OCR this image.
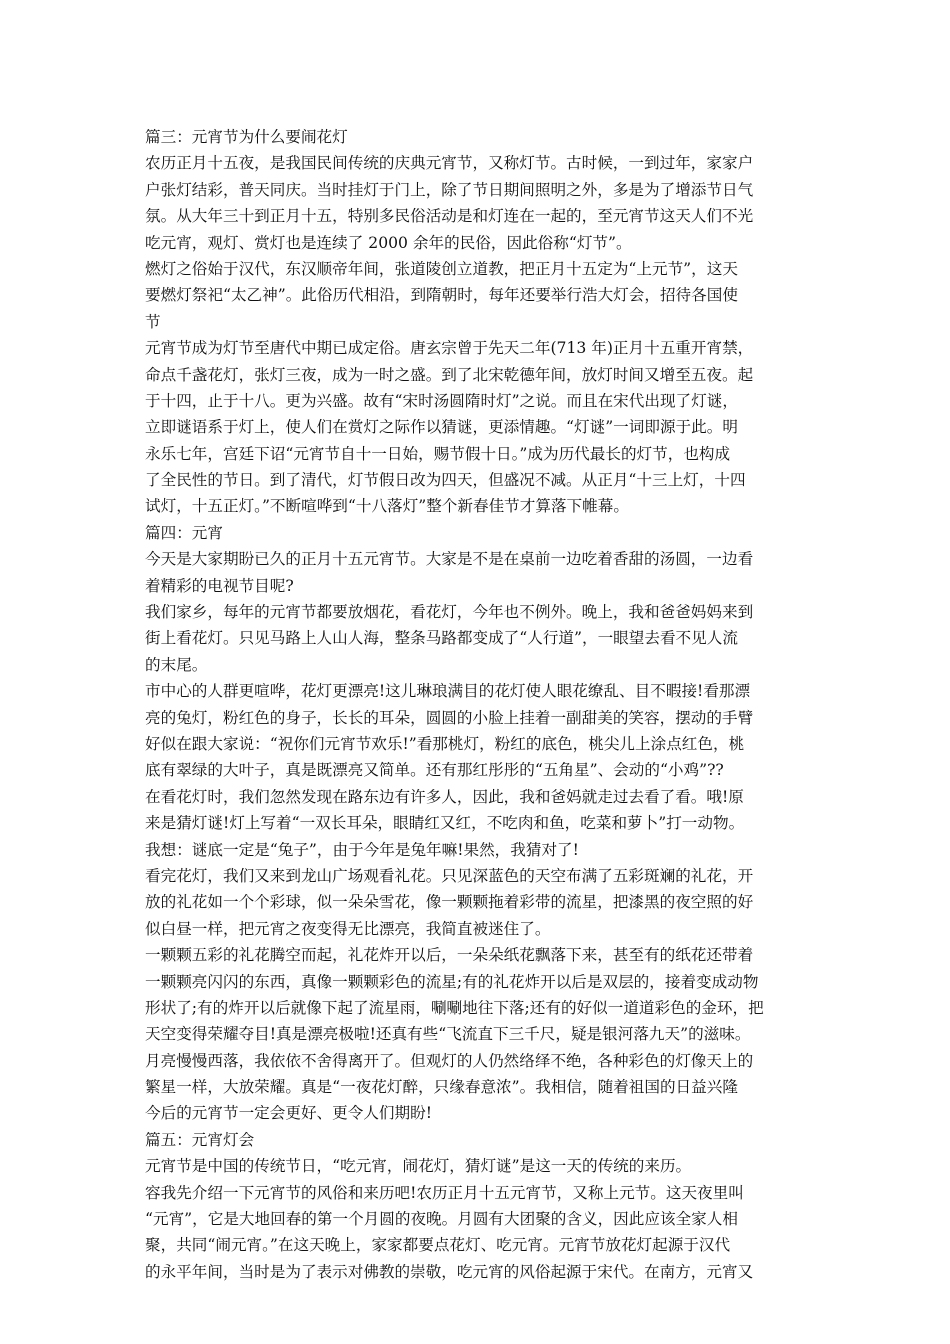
篇三：元宵节为什么要闹花灯
农历正月十五夜，是我国民间传统的庆典元宵节，又称灯节。古时候，一到过年，家家户
户张灯结彩，普天同庆。当时挂灯于门上，除了节日期间照明之外，多是为了增添节日气
氛。从大年三十到正月十五，特别多民俗活动是和灯连在一起的，至元宵节这天人们不光
吃元宵，观灯、赏灯也是连续了 2000 余年的民俗，因此俗称“灯节”。
燃灯之俗始于汉代，东汉顺帝年间，张道陵创立道教，把正月十五定为“上元节”，这天
要燃灯祭祀“太乙神”。此俗历代相沿，到隋朝时，每年还要举行浩大灯会，招待各国使
节
元宵节成为灯节至唐代中期已成定俗。唐玄宗曾于先天二年(713 年)正月十五重开宵禁，
命点千盏花灯，张灯三夜，成为一时之盛。到了北宋乾德年间，放灯时间又增至五夜。起
于十四，止于十八。更为兴盛。故有“宋时汤圆隋时灯”之说。而且在宋代出现了灯谜，
立即谜语系于灯上，使人们在赏灯之际作以猜谜，更添情趣。“灯谜”一词即源于此。明
永乐七年，宫廷下诏“元宵节自十一日始，赐节假十日。”成为历代最长的灯节，也构成
了全民性的节日。到了清代，灯节假日改为四天，但盛况不减。从正月“十三上灯，十四
试灯，十五正灯。”不断喧哗到“十八落灯”整个新春佳节才算落下帷幕。
篇四：元宵
今天是大家期盼已久的正月十五元宵节。大家是不是在桌前一边吃着香甜的汤圆，一边看
着精彩的电视节目呢?
我们家乡，每年的元宵节都要放烟花，看花灯，今年也不例外。晚上，我和爸爸妈妈来到
街上看花灯。只见马路上人山人海，整条马路都变成了“人行道”，一眼望去看不见人流
的末尾。
市中心的人群更喧哗，花灯更漂亮!这儿琳琅满目的花灯使人眼花缭乱、目不暇接!看那漂
亮的兔灯，粉红色的身子，长长的耳朵，圆圆的小脸上挂着一副甜美的笑容，摆动的手臂
好似在跟大家说：“祝你们元宵节欢乐!”看那桃灯，粉红的底色，桃尖儿上涂点红色，桃
底有翠绿的大叶子，真是既漂亮又简单。还有那红彤彤的“五角星”、会动的“小鸡”??
在看花灯时，我们忽然发现在路东边有许多人，因此，我和爸妈就走过去看了看。哦!原
来是猜灯谜!灯上写着“一双长耳朵，眼睛红又红，不吃肉和鱼，吃菜和萝卜”打一动物。
我想：谜底一定是“兔子”，由于今年是兔年嘛!果然，我猜对了!
看完花灯，我们又来到龙山广场观看礼花。只见深蓝色的天空布满了五彩斑斓的礼花，开
放的礼花如一个个彩球，似一朵朵雪花，像一颗颗拖着彩带的流星，把漆黑的夜空照的好
似白昼一样，把元宵之夜变得无比漂亮，我简直被迷住了。
一颗颗五彩的礼花腾空而起，礼花炸开以后，一朵朵纸花飘落下来，甚至有的纸花还带着
一颗颗亮闪闪的东西，真像一颗颗彩色的流星;有的礼花炸开以后是双层的，接着变成动物
形状了;有的炸开以后就像下起了流星雨，唰唰地往下落;还有的好似一道道彩色的金环，把
天空变得荣耀夺目!真是漂亮极啦!还真有些“飞流直下三千尺，疑是银河落九天”的滋味。
月亮慢慢西落，我依依不舍得离开了。但观灯的人仍然络绎不绝，各种彩色的灯像天上的
繁星一样，大放荣耀。真是“一夜花灯醉，只缘春意浓”。我相信，随着祖国的日益兴隆
今后的元宵节一定会更好、更令人们期盼!
篇五：元宵灯会
元宵节是中国的传统节日，“吃元宵，闹花灯，猜灯谜”是这一天的传统的来历。
容我先介绍一下元宵节的风俗和来历吧!农历正月十五元宵节，又称上元节。这天夜里叫
“元宵”，它是大地回春的第一个月圆的夜晚。月圆有大团聚的含义，因此应该全家人相
聚，共同“闹元宵。”在这天晚上，家家都要点花灯、吃元宵。元宵节放花灯起源于汉代
的永平年间，当时是为了表示对佛教的崇敬，吃元宵的风俗起源于宋代。在南方，元宵又
